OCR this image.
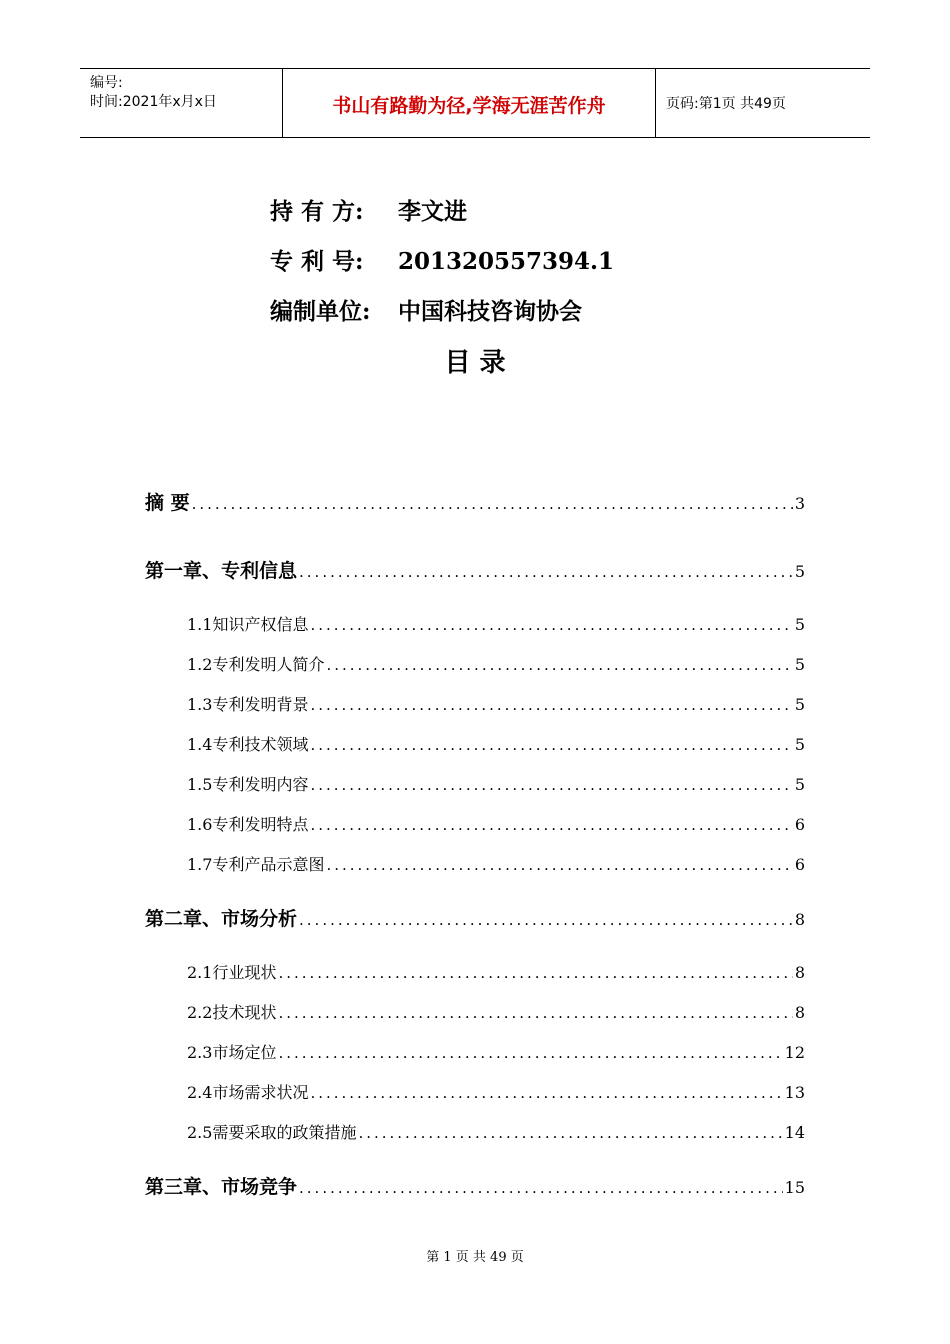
编号:
时间:2021年x月x日	书山有路勤为径,学海无涯苦作舟	页码:第1页 共49页
持 有 方: 李文进
专 利 号: 201320557394.1
编制单位: 中国科技咨询协会
目 录
摘 要 .....	3
第一章、专利信息 .....	5
1.1知识产权信息 .....	5
1.2专利发明人简介 .....	5
1.3专利发明背景 .....	5
1.4专利技术领域 .....	5
1.5专利发明内容 .....	5
1.6专利发明特点 .....	6
1.7专利产品示意图 .....	6
第二章、市场分析 .....	8
2.1行业现状 .....	8
2.2技术现状 .....	8
2.3市场定位 .....	12
2.4市场需求状况 .....	13
2.5需要采取的政策措施 .....	14
第三章、市场竞争 .....	15
第 1 页 共 49 页
